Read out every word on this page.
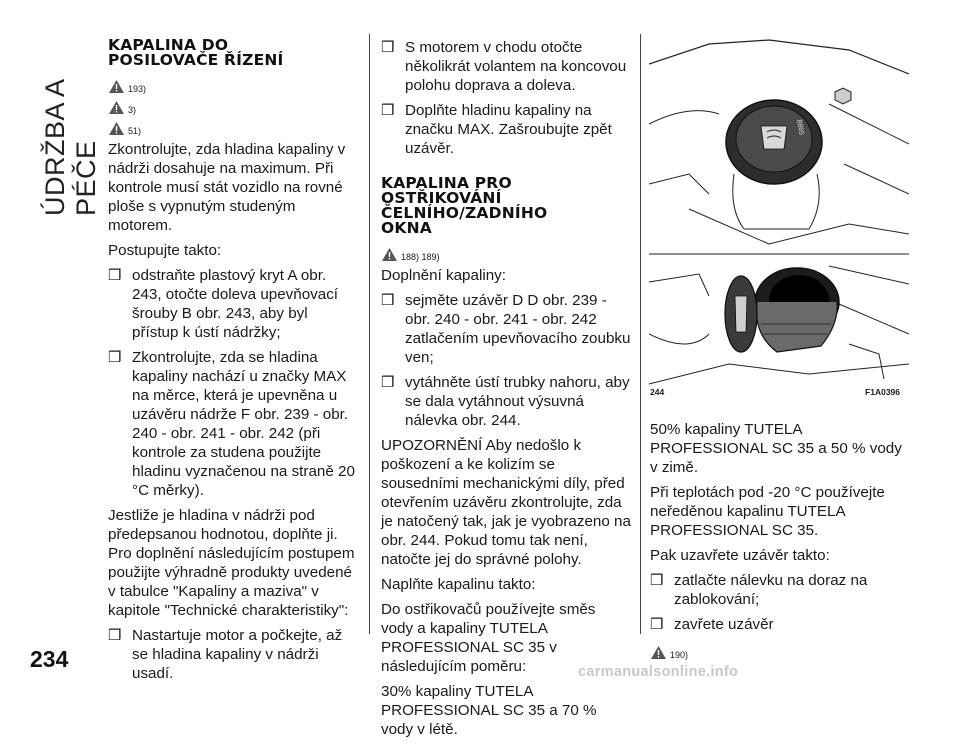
ÚDRŽBA A PÉČE
234
KAPALINA DO
POSILOVAČE ŘÍZENÍ
193)
3)
51)

Zkontrolujte, zda hladina kapaliny v nádrži dosahuje na maximum. Při kontrole musí stát vozidlo na rovné ploše s vypnutým studeným motorem.

Postupujte takto:

❒ odstraňte plastový kryt A obr. 243, otočte doleva upevňovací šrouby B obr. 243, aby byl přístup k ústí nádržky;
❒ Zkontrolujte, zda se hladina kapaliny nachází u značky MAX na měrce, která je upevněna u uzávěru nádrže F obr. 239 - obr. 240 - obr. 241 - obr. 242 (při kontrole za studena použijte hladinu vyznačenou na straně 20 °C měrky).

Jestliže je hladina v nádrži pod předepsanou hodnotou, doplňte ji. Pro doplnění následujícím postupem použijte výhradně produkty uvedené v tabulce "Kapaliny a maziva" v kapitole "Technické charakteristiky":

❒ Nastartuje motor a počkejte, až se hladina kapaliny v nádrži usadí.
❒ S motorem v chodu otočte několikrát volantem na koncovou polohu doprava a doleva.
❒ Doplňte hladinu kapaliny na značku MAX. Zašroubujte zpět uzávěr.
KAPALINA PRO
OSTŘIKOVÁNÍ
ČELNÍHO/ZADNÍHO
OKNA
188) 189)

Doplnění kapaliny:

❒ sejměte uzávěr D D obr. 239 - obr. 240 - obr. 241 - obr. 242 zatlačením upevňovacího zoubku ven;
❒ vytáhněte ústí trubky nahoru, aby se dala vytáhnout výsuvná nálevka obr. 244.

UPOZORNĚNÍ Aby nedošlo k poškození a ke kolizím se sousedními mechanickými díly, před otevřením uzávěru zkontrolujte, zda je natočený tak, jak je vyobrazeno na obr. 244. Pokud tomu tak není, natočte jej do správné polohy.

Naplňte kapalinu takto:

Do ostřikovačů používejte směs vody a kapaliny TUTELA PROFESSIONAL SC 35 v následujícím poměru:

30% kapaliny TUTELA PROFESSIONAL SC 35 a 70 % vody v létě.

8865
244	F1A0396

50% kapaliny TUTELA PROFESSIONAL SC 35 a 50 % vody v zimě.

Při teplotách pod -20 °C používejte neředěnou kapalinu TUTELA PROFESSIONAL SC 35.

Pak uzavřete uzávěr takto:

❒ zatlačte nálevku na doraz na zablokování;
❒ zavřete uzávěr
190)
carmanualsonline.info
